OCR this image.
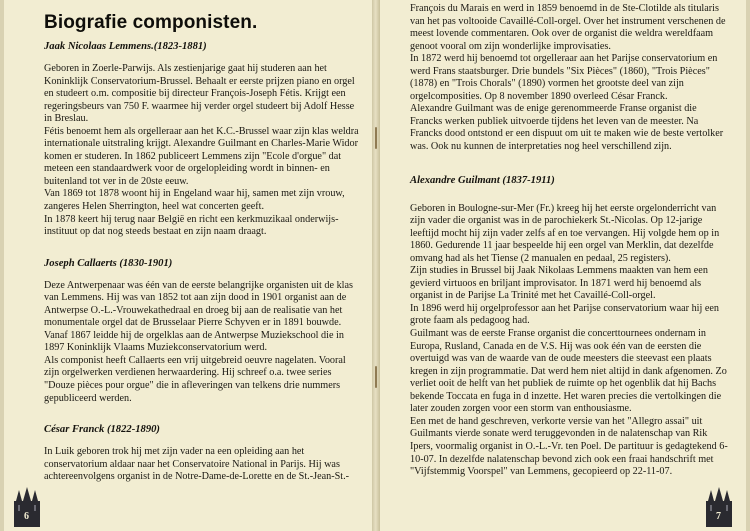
Biografie componisten.
Jaak Nicolaas Lemmens.(1823-1881)

Geboren in Zoerle-Parwijs. Als zestienjarige gaat hij studeren aan het Koninklijk Conservatorium-Brussel. Behaalt er eerste prijzen piano en orgel en studeert o.m. compositie bij directeur François-Joseph Fétis. Krijgt een regeringsbeurs van 750 F. waarmee hij verder orgel studeert bij Adolf Hesse in Breslau.

Fétis benoemt hem als orgelleraar aan het K.C.-Brussel waar zijn klas weldra internationale uitstraling krijgt. Alexandre Guilmant en Charles-Marie Widor komen er studeren. In 1862 publiceert Lemmens zijn "Ecole d'orgue" dat meteen een standaardwerk voor de orgelopleiding wordt in binnen- en buitenland tot ver in de 20ste eeuw.

Van 1869 tot 1878 woont hij in Engeland waar hij, samen met zijn vrouw, zangeres Helen Sherrington, heel wat concerten geeft.

In 1878 keert hij terug naar België en richt een kerkmuzikaal onderwijs-instituut op dat nog steeds bestaat en zijn naam draagt.

Joseph Callaerts (1830-1901)

Deze Antwerpenaar was één van de eerste belangrijke organisten uit de klas van Lemmens. Hij was van 1852 tot aan zijn dood in 1901 organist aan de Antwerpse O.-L.-Vrouwekathedraal en droeg bij aan de realisatie van het monumentale orgel dat de Brusselaar Pierre Schyven er in 1891 bouwde.

Vanaf 1867 leidde hij de orgelklas aan de Antwerpse Muziekschool die in 1897 Koninklijk Vlaams Muziekconservatorium werd.

Als componist heeft Callaerts een vrij uitgebreid oeuvre nagelaten. Vooral zijn orgelwerken verdienen herwaardering. Hij schreef o.a. twee series "Douze pièces pour orgue" die in afleveringen van telkens drie nummers gepubliceerd werden.

César Franck (1822-1890)

In Luik geboren trok hij met zijn vader na een opleiding aan het conservatorium aldaar naar het Conservatoire National in Parijs. Hij was achtereenvolgens organist in de Notre-Dame-de-Lorette en de St.-Jean-St.-

6

François du Marais en werd in 1859 benoemd in de Ste-Clotilde als titularis van het pas voltooide Cavaillé-Coll-orgel. Over het instrument verschenen de meest lovende commentaren. Ook over de organist die weldra wereldfaam genoot vooral om zijn wonderlijke improvisaties.

In 1872 werd hij benoemd tot orgelleraar aan het Parijse conservatorium en werd Frans staatsburger. Drie bundels "Six Pièces" (1860), "Trois Pièces" (1878) en "Trois Chorals" (1890) vormen het grootste deel van zijn orgelcomposities. Op 8 november 1890 overleed César Franck.

Alexandre Guilmant was de enige gerenommeerde Franse organist die Francks werken publiek uitvoerde tijdens het leven van de meester. Na Francks dood ontstond er een dispuut om uit te maken wie de beste vertolker was. Ook nu kunnen de interpretaties nog heel verschillend zijn.

Alexandre Guilmant (1837-1911)

Geboren in Boulogne-sur-Mer (Fr.) kreeg hij het eerste orgelonderricht van zijn vader die organist was in de parochiekerk St.-Nicolas. Op 12-jarige leeftijd mocht hij zijn vader zelfs af en toe vervangen. Hij volgde hem op in 1860. Gedurende 11 jaar bespeelde hij een orgel van Merklin, dat dezelfde omvang had als het Tiense (2 manualen en pedaal, 25 registers).

Zijn studies in Brussel bij Jaak Nikolaas Lemmens maakten van hem een gevierd virtuoos en briljant improvisator. In 1871 werd hij benoemd als organist in de Parijse La Trinité met het Cavaillé-Coll-orgel.

In 1896 werd hij orgelprofessor aan het Parijse conservatorium waar hij een grote faam als pedagoog had.

Guilmant was de eerste Franse organist die concerttournees ondernam in Europa, Rusland, Canada en de V.S. Hij was ook één van de eersten die overtuigd was van de waarde van de oude meesters die steevast een plaats kregen in zijn programmatie. Dat werd hem niet altijd in dank afgenomen. Zo verliet ooit de helft van het publiek de ruimte op het ogenblik dat hij Bachs bekende Toccata en fuga in d inzette. Het waren precies die vertolkingen die later zouden zorgen voor een storm van enthousiasme.

Een met de hand geschreven, verkorte versie van het "Allegro assai" uit Guilmants vierde sonate werd teruggevonden in de nalatenschap van Rik Ipers, voormalig organist in O.-L.-Vr. ten Poel. De partituur is gedagtekend 6-10-07. In dezelfde nalatenschap bevond zich ook een fraai handschrift met "Vijfstemmig Voorspel" van Lemmens, gecopieerd op 22-11-07.

7
